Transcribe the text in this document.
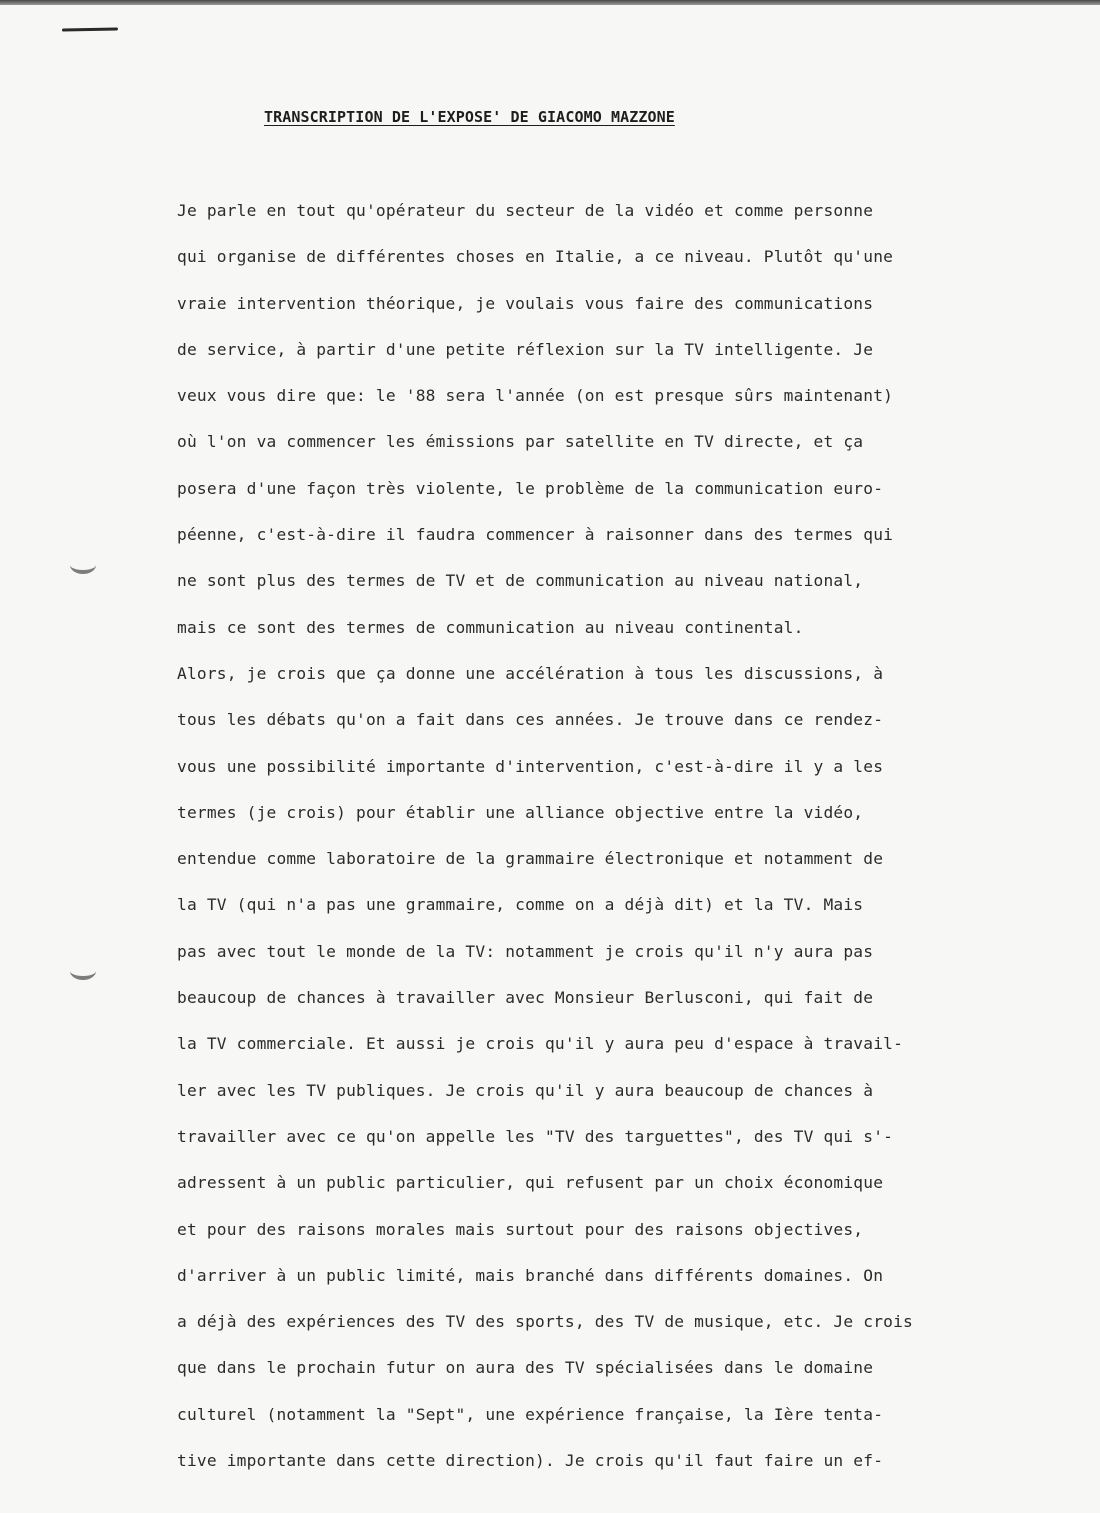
TRANSCRIPTION DE L'EXPOSE' DE GIACOMO MAZZONE
Je parle en tout qu'opérateur du secteur de la vidéo et comme personne
qui organise de différentes choses en Italie, a ce niveau. Plutôt qu'une
vraie intervention théorique, je voulais vous faire des communications
de service, à partir d'une petite réflexion sur la TV intelligente. Je
veux vous dire que: le '88 sera l'année (on est presque sûrs maintenant)
où l'on va commencer les émissions par satellite en TV directe, et ça
posera d'une façon très violente, le problème de la communication euro-
péenne, c'est-à-dire il faudra commencer à raisonner dans des termes qui
ne sont plus des termes de TV et de communication au niveau national,
mais ce sont des termes de communication au niveau continental.
Alors, je crois que ça donne une accélération à tous les discussions, à
tous les débats qu'on a fait dans ces années. Je trouve dans ce rendez-
vous une possibilité importante d'intervention, c'est-à-dire il y a les
termes (je crois) pour établir une alliance objective entre la vidéo,
entendue comme laboratoire de la grammaire électronique et notamment de
la TV (qui n'a pas une grammaire, comme on a déjà dit) et la TV. Mais
pas avec tout le monde de la TV: notamment je crois qu'il n'y aura pas
beaucoup de chances à travailler avec Monsieur Berlusconi, qui fait de
la TV commerciale. Et aussi je crois qu'il y aura peu d'espace à travail-
ler avec les TV publiques. Je crois qu'il y aura beaucoup de chances à
travailler avec ce qu'on appelle les "TV des targuettes", des TV qui s'-
adressent à un public particulier, qui refusent par un choix économique
et pour des raisons morales mais surtout pour des raisons objectives,
d'arriver à un public limité, mais branché dans différents domaines. On
a déjà des expériences des TV des sports, des TV de musique, etc. Je crois
que dans le prochain futur on aura des TV spécialisées dans le domaine
culturel (notamment la "Sept", une expérience française, la Ière tenta-
tive importante dans cette direction). Je crois qu'il faut faire un ef-
